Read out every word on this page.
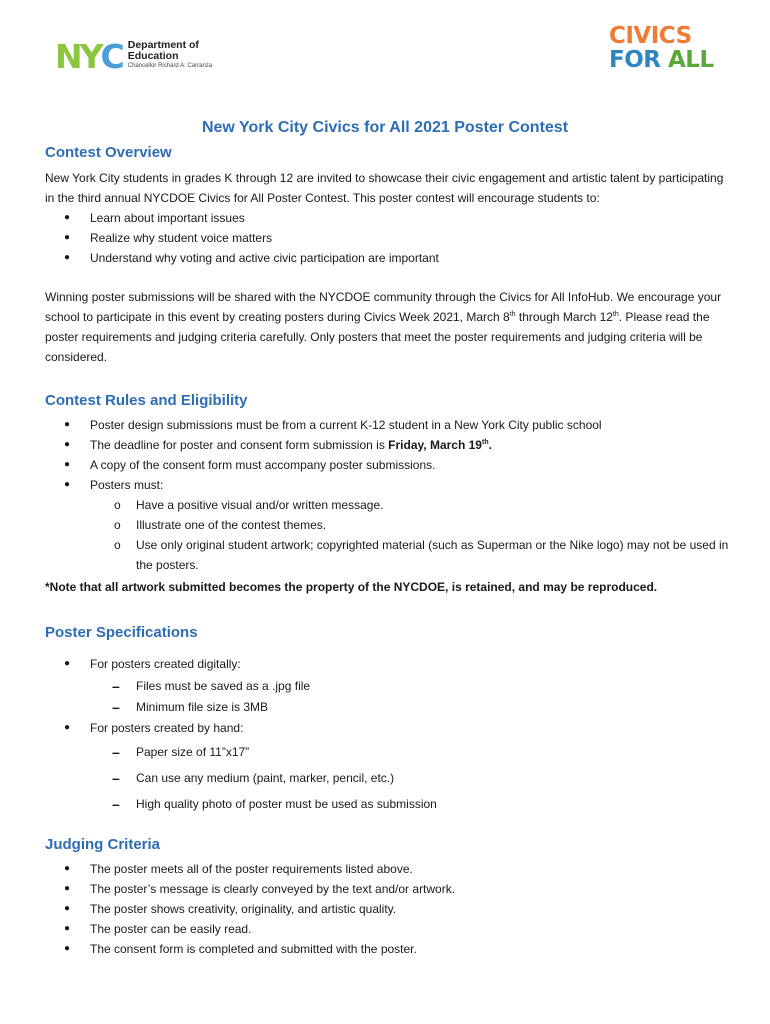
N Y C Department of
Education
Chancellor Richard A. Carranza
CIVICS
FOR ALL
New York City Civics for All 2021 Poster Contest
Contest Overview

New York City students in grades K through 12 are invited to showcase their civic engagement and artistic talent by participating in the third annual NYCDOE Civics for All Poster Contest. This poster contest will encourage students to:

● Learn about important issues
● Realize why student voice matters
● Understand why voting and active civic participation are important

Winning poster submissions will be shared with the NYCDOE community through the Civics for All InfoHub. We encourage your school to participate in this event by creating posters during Civics Week 2021, March 8th through March 12th. Please read the poster requirements and judging criteria carefully. Only posters that meet the poster requirements and judging criteria will be considered.

Contest Rules and Eligibility
● Poster design submissions must be from a current K-12 student in a New York City public school
● The deadline for poster and consent form submission is Friday, March 19th.
● A copy of the consent form must accompany poster submissions.
● Posters must:
o Have a positive visual and/or written message.
o Illustrate one of the contest themes.
o Use only original student artwork; copyrighted material (such as Superman or the Nike logo) may not be used in the posters.

*Note that all artwork submitted becomes the property of the NYCDOE, is retained, and may be reproduced.

Poster Specifications
● For posters created digitally:
– Files must be saved as a .jpg file
– Minimum file size is 3MB
● For posters created by hand:
– Paper size of 11”x17”
– Can use any medium (paint, marker, pencil, etc.)
– High quality photo of poster must be used as submission
Judging Criteria
● The poster meets all of the poster requirements listed above.
● The poster’s message is clearly conveyed by the text and/or artwork.
● The poster shows creativity, originality, and artistic quality.
● The poster can be easily read.
● The consent form is completed and submitted with the poster.
